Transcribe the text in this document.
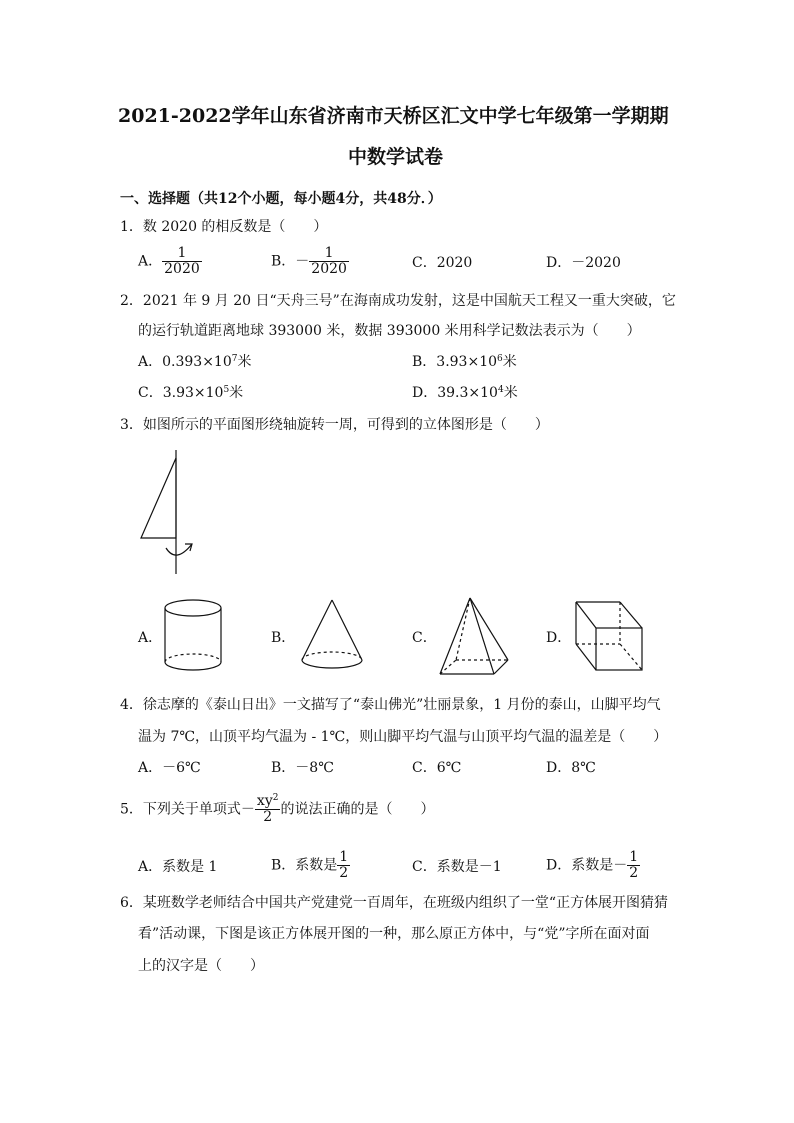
2021-2022学年山东省济南市天桥区汇文中学七年级第一学期期
中数学试卷
一、选择题（共12个小题，每小题4分，共48分．）
1．数 2020 的相反数是（　　）
A． $\frac{1}{2020}$	B．－ $\frac{1}{2020}$	C．2020	D．－2020
2．2021 年 9 月 20 日“天舟三号”在海南成功发射，这是中国航天工程又一重大突破，它
的运行轨道距离地球 393000 米，数据 393000 米用科学记数法表示为（　　）
A．$0.393\times 10^7$米	B．$3.93\times 10^6$米
C．$3.93\times 10^5$米	D．$39.3\times 10^4$米
3．如图所示的平面图形绕轴旋转一周，可得到的立体图形是（　　）
A．	B．	C．	D．
4．徐志摩的《泰山日出》一文描写了“泰山佛光”壮丽景象，1 月份的泰山，山脚平均气
温为 7℃，山顶平均气温为 - 1℃，则山脚平均气温与山顶平均气温的温差是（　　）
A．－6℃	B．－8℃	C．6℃	D．8℃
5．下列关于单项式－ $\frac{xy^2}{2}$ 的说法正确的是（　　）
A．系数是 1	B．系数是 $\frac{1}{2}$	C．系数是－1	D．系数是－ $\frac{1}{2}$
6．某班数学老师结合中国共产党建党一百周年，在班级内组织了一堂“正方体展开图猜猜
看”活动课，下图是该正方体展开图的一种，那么原正方体中，与“党”字所在面对面
上的汉字是（　　）
